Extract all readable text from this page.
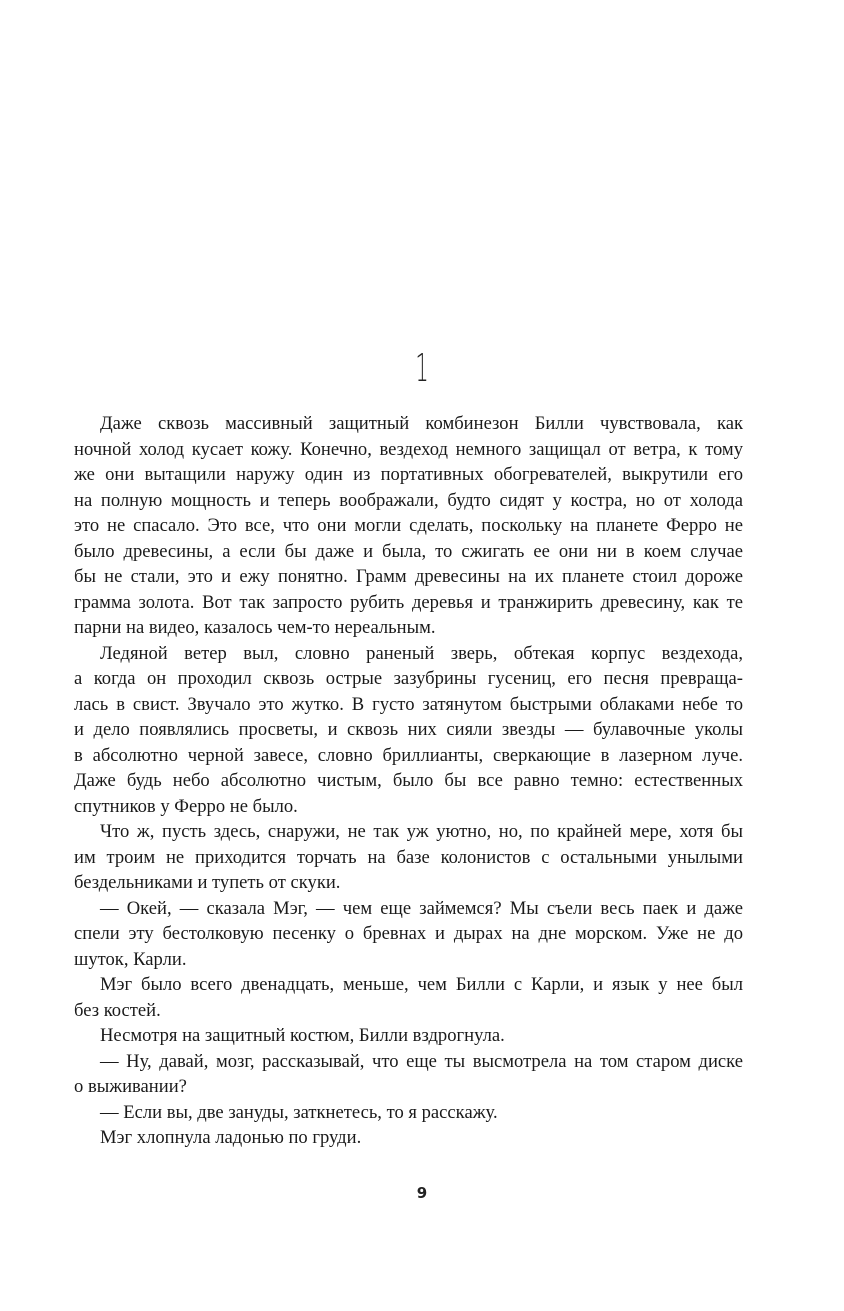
1
Даже сквозь массивный защитный комбинезон Билли чувствовала, как
ночной холод кусает кожу. Конечно, вездеход немного защищал от ветра, к тому
же они вытащили наружу один из портативных обогревателей, выкрутили его
на полную мощность и теперь воображали, будто сидят у костра, но от холода
это не спасало. Это все, что они могли сделать, поскольку на планете Ферро не
было древесины, а если бы даже и была, то сжигать ее они ни в коем случае
бы не стали, это и ежу понятно. Грамм древесины на их планете стоил дороже
грамма золота. Вот так запросто рубить деревья и транжирить древесину, как те
парни на видео, казалось чем-то нереальным.
Ледяной ветер выл, словно раненый зверь, обтекая корпус вездехода,
а когда он проходил сквозь острые зазубрины гусениц, его песня превраща-
лась в свист. Звучало это жутко. В густо затянутом быстрыми облаками небе то
и дело появлялись просветы, и сквозь них сияли звезды — булавочные уколы
в абсолютно черной завесе, словно бриллианты, сверкающие в лазерном луче.
Даже будь небо абсолютно чистым, было бы все равно темно: естественных
спутников у Ферро не было.
Что ж, пусть здесь, снаружи, не так уж уютно, но, по крайней мере, хотя бы
им троим не приходится торчать на базе колонистов с остальными унылыми
бездельниками и тупеть от скуки.
— Окей, — сказала Мэг, — чем еще займемся? Мы съели весь паек и даже
спели эту бестолковую песенку о бревнах и дырах на дне морском. Уже не до
шуток, Карли.
Мэг было всего двенадцать, меньше, чем Билли с Карли, и язык у нее был
без костей.
Несмотря на защитный костюм, Билли вздрогнула.
— Ну, давай, мозг, рассказывай, что еще ты высмотрела на том старом диске
о выживании?
— Если вы, две зануды, заткнетесь, то я расскажу.
Мэг хлопнула ладонью по груди.
9
